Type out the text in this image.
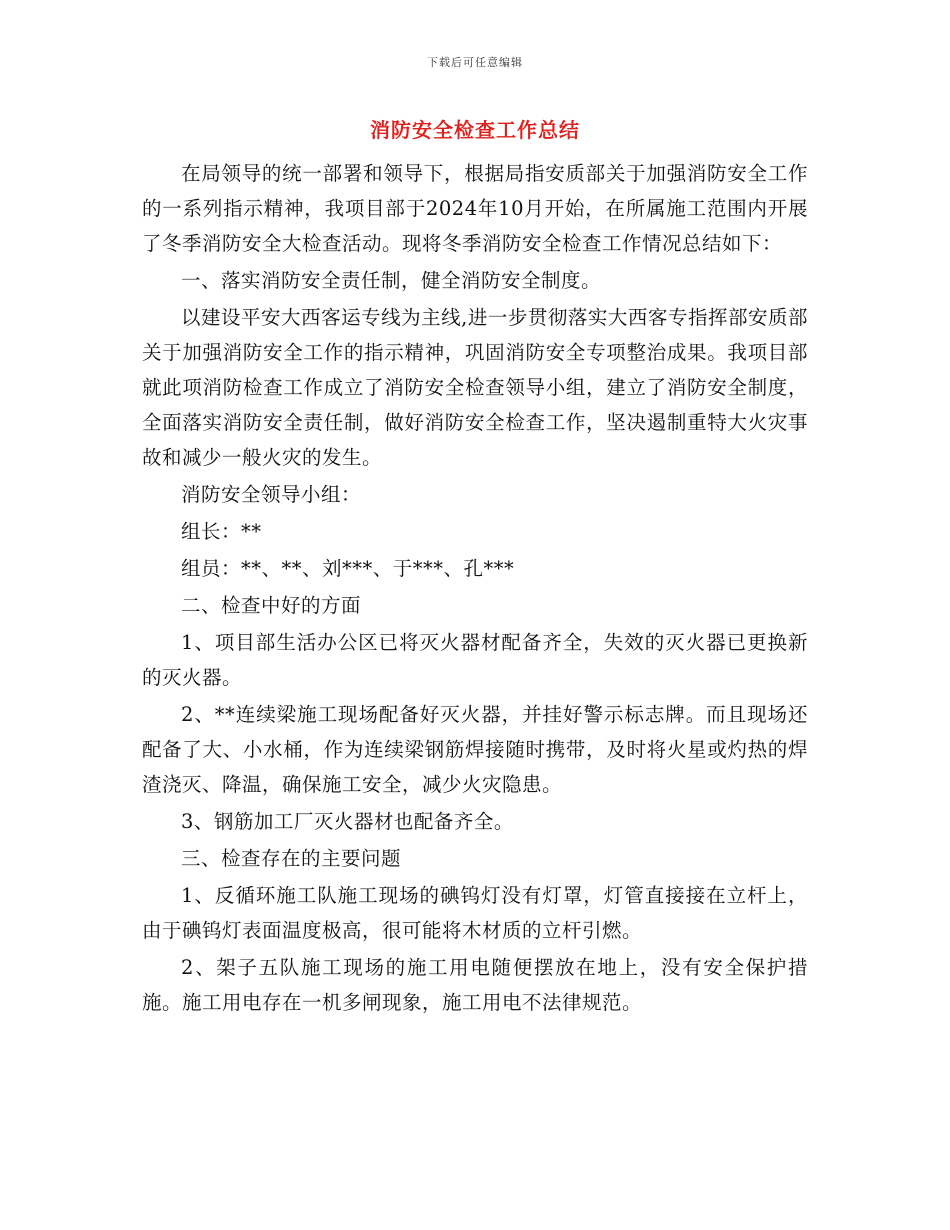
下载后可任意编辑
消防安全检查工作总结

在局领导的统一部署和领导下，根据局指安质部关于加强消防安全工作的一系列指示精神，我项目部于2024年10月开始，在所属施工范围内开展了冬季消防安全大检查活动。现将冬季消防安全检查工作情况总结如下：

一、落实消防安全责任制，健全消防安全制度。

以建设平安大西客运专线为主线,进一步贯彻落实大西客专指挥部安质部关于加强消防安全工作的指示精神，巩固消防安全专项整治成果。我项目部就此项消防检查工作成立了消防安全检查领导小组，建立了消防安全制度，全面落实消防安全责任制，做好消防安全检查工作，坚决遏制重特大火灾事故和减少一般火灾的发生。

消防安全领导小组：

组长：**

组员：**、**、刘***、于***、孔***

二、检查中好的方面

1、项目部生活办公区已将灭火器材配备齐全，失效的灭火器已更换新的灭火器。

2、**连续梁施工现场配备好灭火器，并挂好警示标志牌。而且现场还配备了大、小水桶，作为连续梁钢筋焊接随时携带，及时将火星或灼热的焊渣浇灭、降温，确保施工安全，减少火灾隐患。

3、钢筋加工厂灭火器材也配备齐全。

三、检查存在的主要问题

1、反循环施工队施工现场的碘钨灯没有灯罩，灯管直接接在立杆上，由于碘钨灯表面温度极高，很可能将木材质的立杆引燃。

2、架子五队施工现场的施工用电随便摆放在地上，没有安全保护措施。施工用电存在一机多闸现象，施工用电不法律规范。
